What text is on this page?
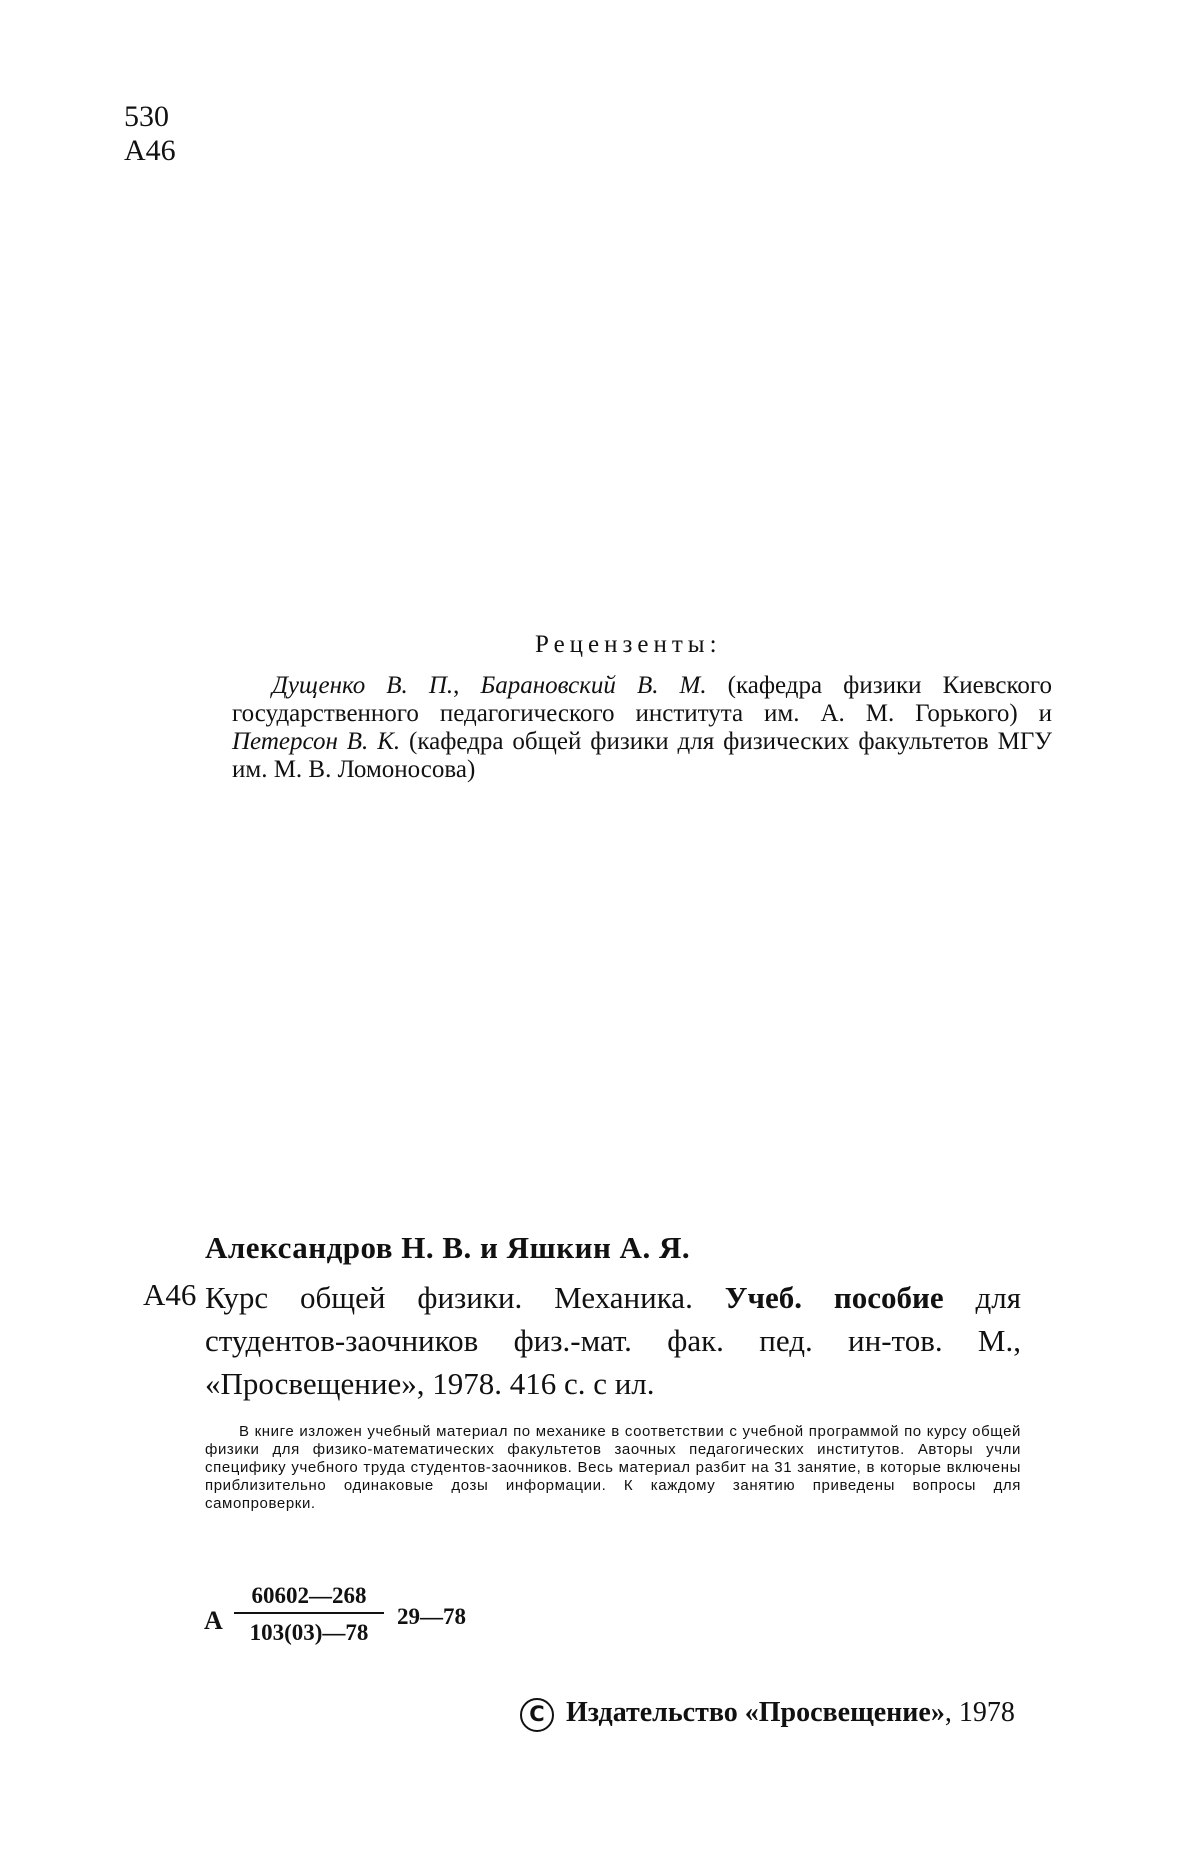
530
А46
Рецензенты:
Дущенко В. П., Барановский В. М. (кафедра физики Киевского государственного педагогического института им. А. М. Горького) и Петерсон В. К. (кафедра общей физики для физических факультетов МГУ им. М. В. Ломоносова)
Александров Н. В. и Яшкин А. Я.
А46 Курс общей физики. Механика. Учеб. пособие для студентов-заочников физ.-мат. фак. пед. ин-тов. М., «Просвещение», 1978. 416 с. с ил.
В книге изложен учебный материал по механике в соответствии с учебной программой по курсу общей физики для физико-математических факультетов заочных педагогических институтов. Авторы учли специфику учебного труда студентов-заочников. Весь материал разбит на 31 занятие, в которые включены приблизительно одинаковые дозы информации. К каждому занятию приведены вопросы для самопроверки.
А
60602—268
103(03)—78
29—78
С Издательство «Просвещение», 1978
